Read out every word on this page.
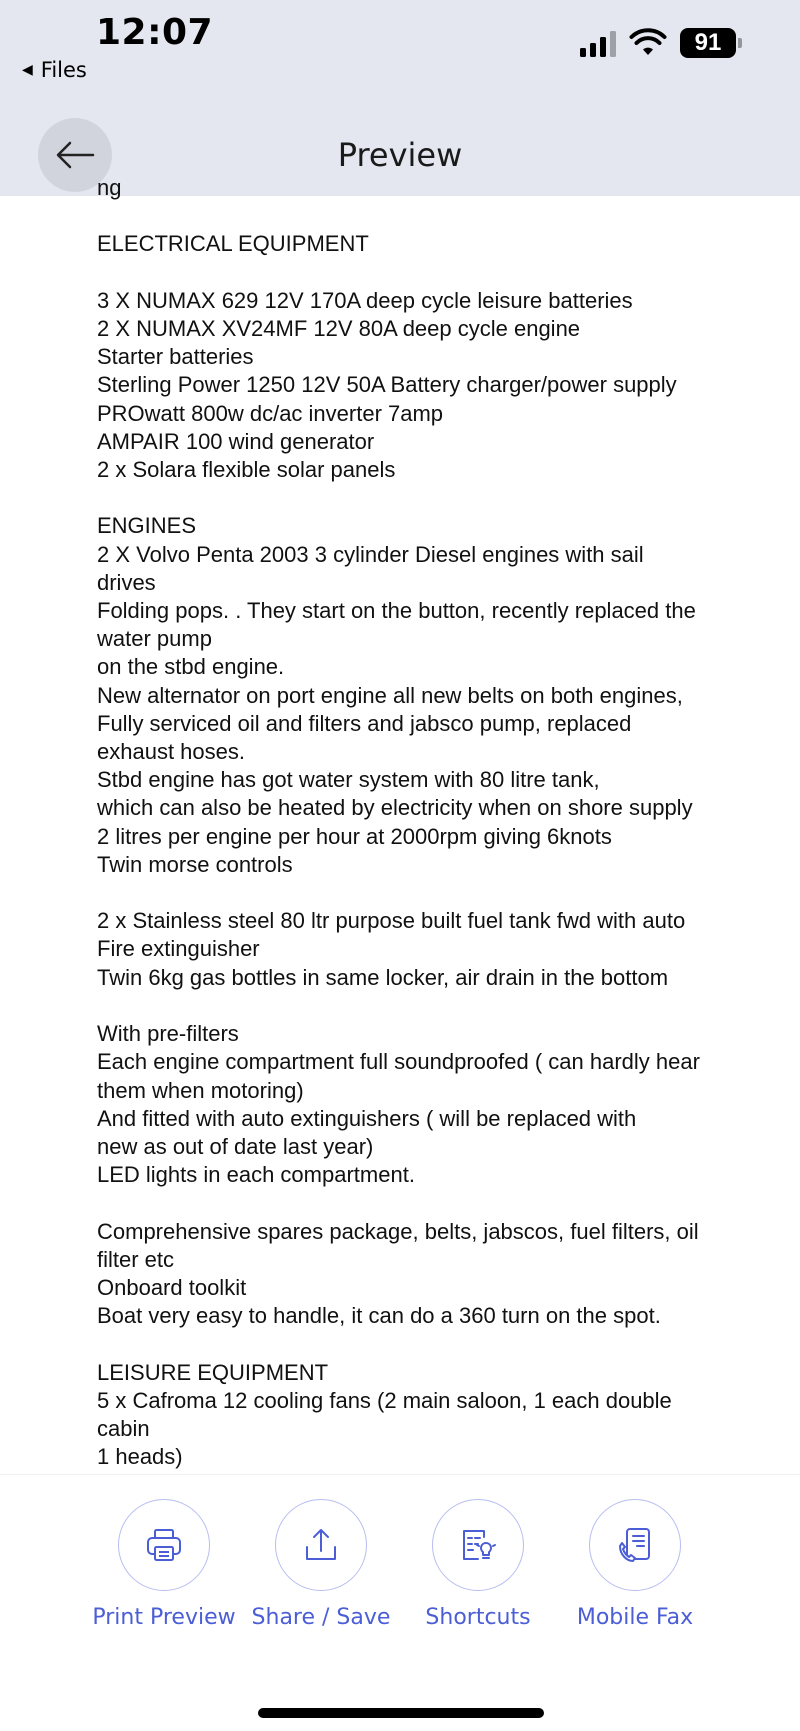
12:07
◀ Files
91
Preview

ng

ELECTRICAL EQUIPMENT

3 X NUMAX 629 12V 170A deep cycle leisure batteries

2 X NUMAX XV24MF 12V 80A deep cycle engine

Starter batteries

Sterling Power 1250 12V 50A Battery charger/power supply

PROwatt 800w dc/ac inverter 7amp

AMPAIR 100 wind generator

2 x Solara flexible solar panels

ENGINES

2 X Volvo Penta 2003 3 cylinder Diesel engines with sail

drives

Folding pops. . They start on the button, recently replaced the

water pump

on the stbd engine.

New alternator on port engine all new belts on both engines,

Fully serviced oil and filters and jabsco pump, replaced

exhaust hoses.

Stbd engine has got water system with 80 litre tank,

which can also be heated by electricity when on shore supply

2 litres per engine per hour at 2000rpm giving 6knots

Twin morse controls

2 x Stainless steel 80 ltr purpose built fuel tank fwd with auto

Fire extinguisher

Twin 6kg gas bottles in same locker, air drain in the bottom

With pre-filters

Each engine compartment full soundproofed ( can hardly hear

them when motoring)

And fitted with auto extinguishers ( will be replaced with

new as out of date last year)

LED lights in each compartment.

Comprehensive spares package, belts, jabscos, fuel filters, oil

filter etc

Onboard toolkit

Boat very easy to handle, it can do a 360 turn on the spot.

LEISURE EQUIPMENT

5 x Cafroma 12 cooling fans (2 main saloon, 1 each double

cabin

1 heads)

Print Preview Share / Save	Shortcuts	Mobile Fax
